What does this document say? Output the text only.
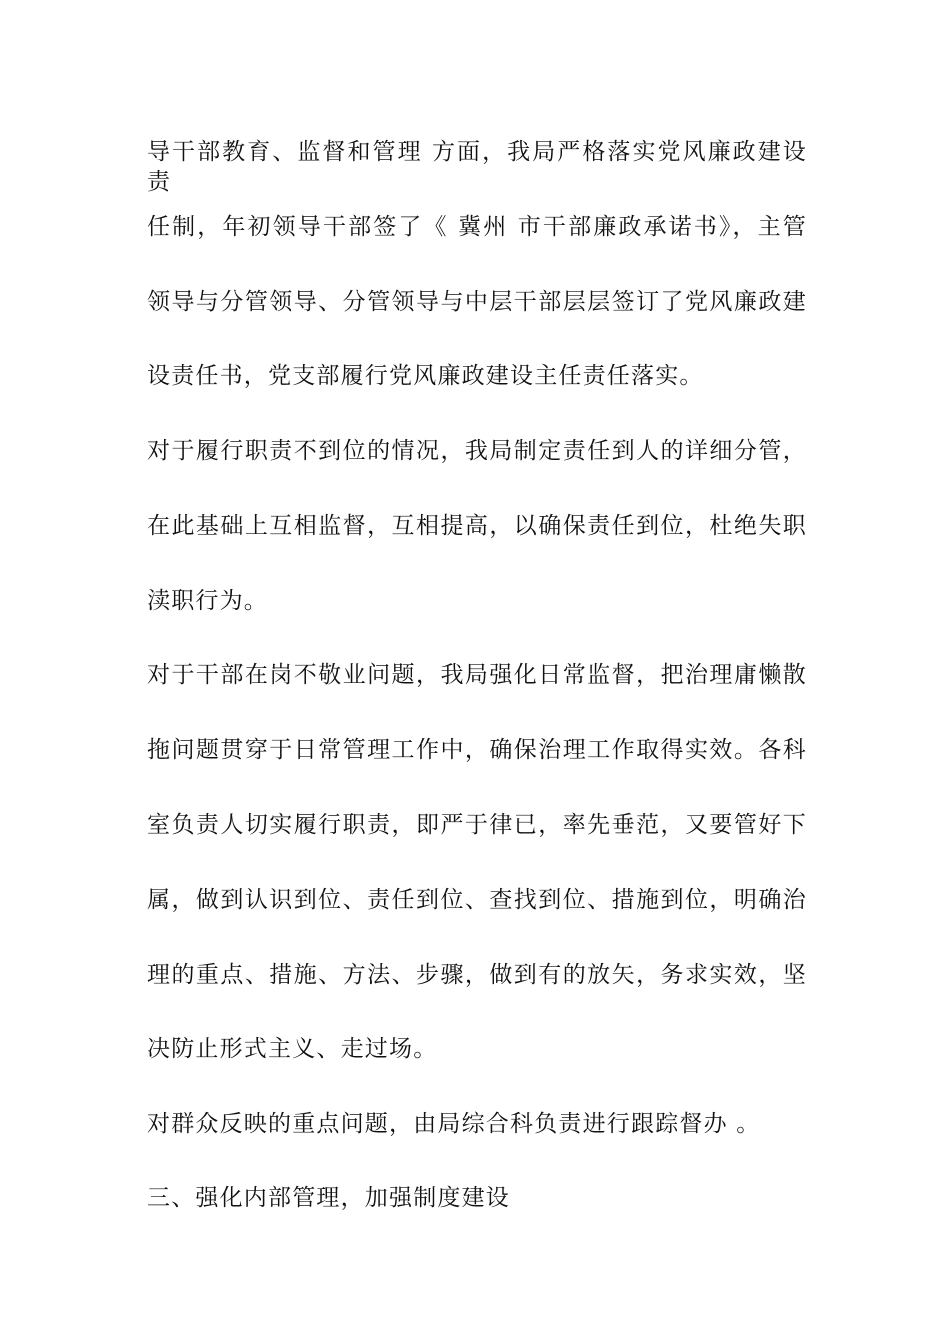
导干部教育、监督和管理 方面，我局严格落实党风廉政建设责
任制，年初领导干部签了《 冀州 市干部廉政承诺书》，主管
领导与分管领导、分管领导与中层干部层层签订了党风廉政建
设责任书，党支部履行党风廉政建设主任责任落实。
对于履行职责不到位的情况，我局制定责任到人的详细分管，
在此基础上互相监督，互相提高，以确保责任到位，杜绝失职
渎职行为。
对于干部在岗不敬业问题，我局强化日常监督，把治理庸懒散
拖问题贯穿于日常管理工作中，确保治理工作取得实效。各科
室负责人切实履行职责，即严于律已，率先垂范，又要管好下
属，做到认识到位、责任到位、查找到位、措施到位，明确治
理的重点、措施、方法、步骤，做到有的放矢，务求实效，坚
决防止形式主义、走过场。
对群众反映的重点问题，由局综合科负责进行跟踪督办 。
三、强化内部管理，加强制度建设
